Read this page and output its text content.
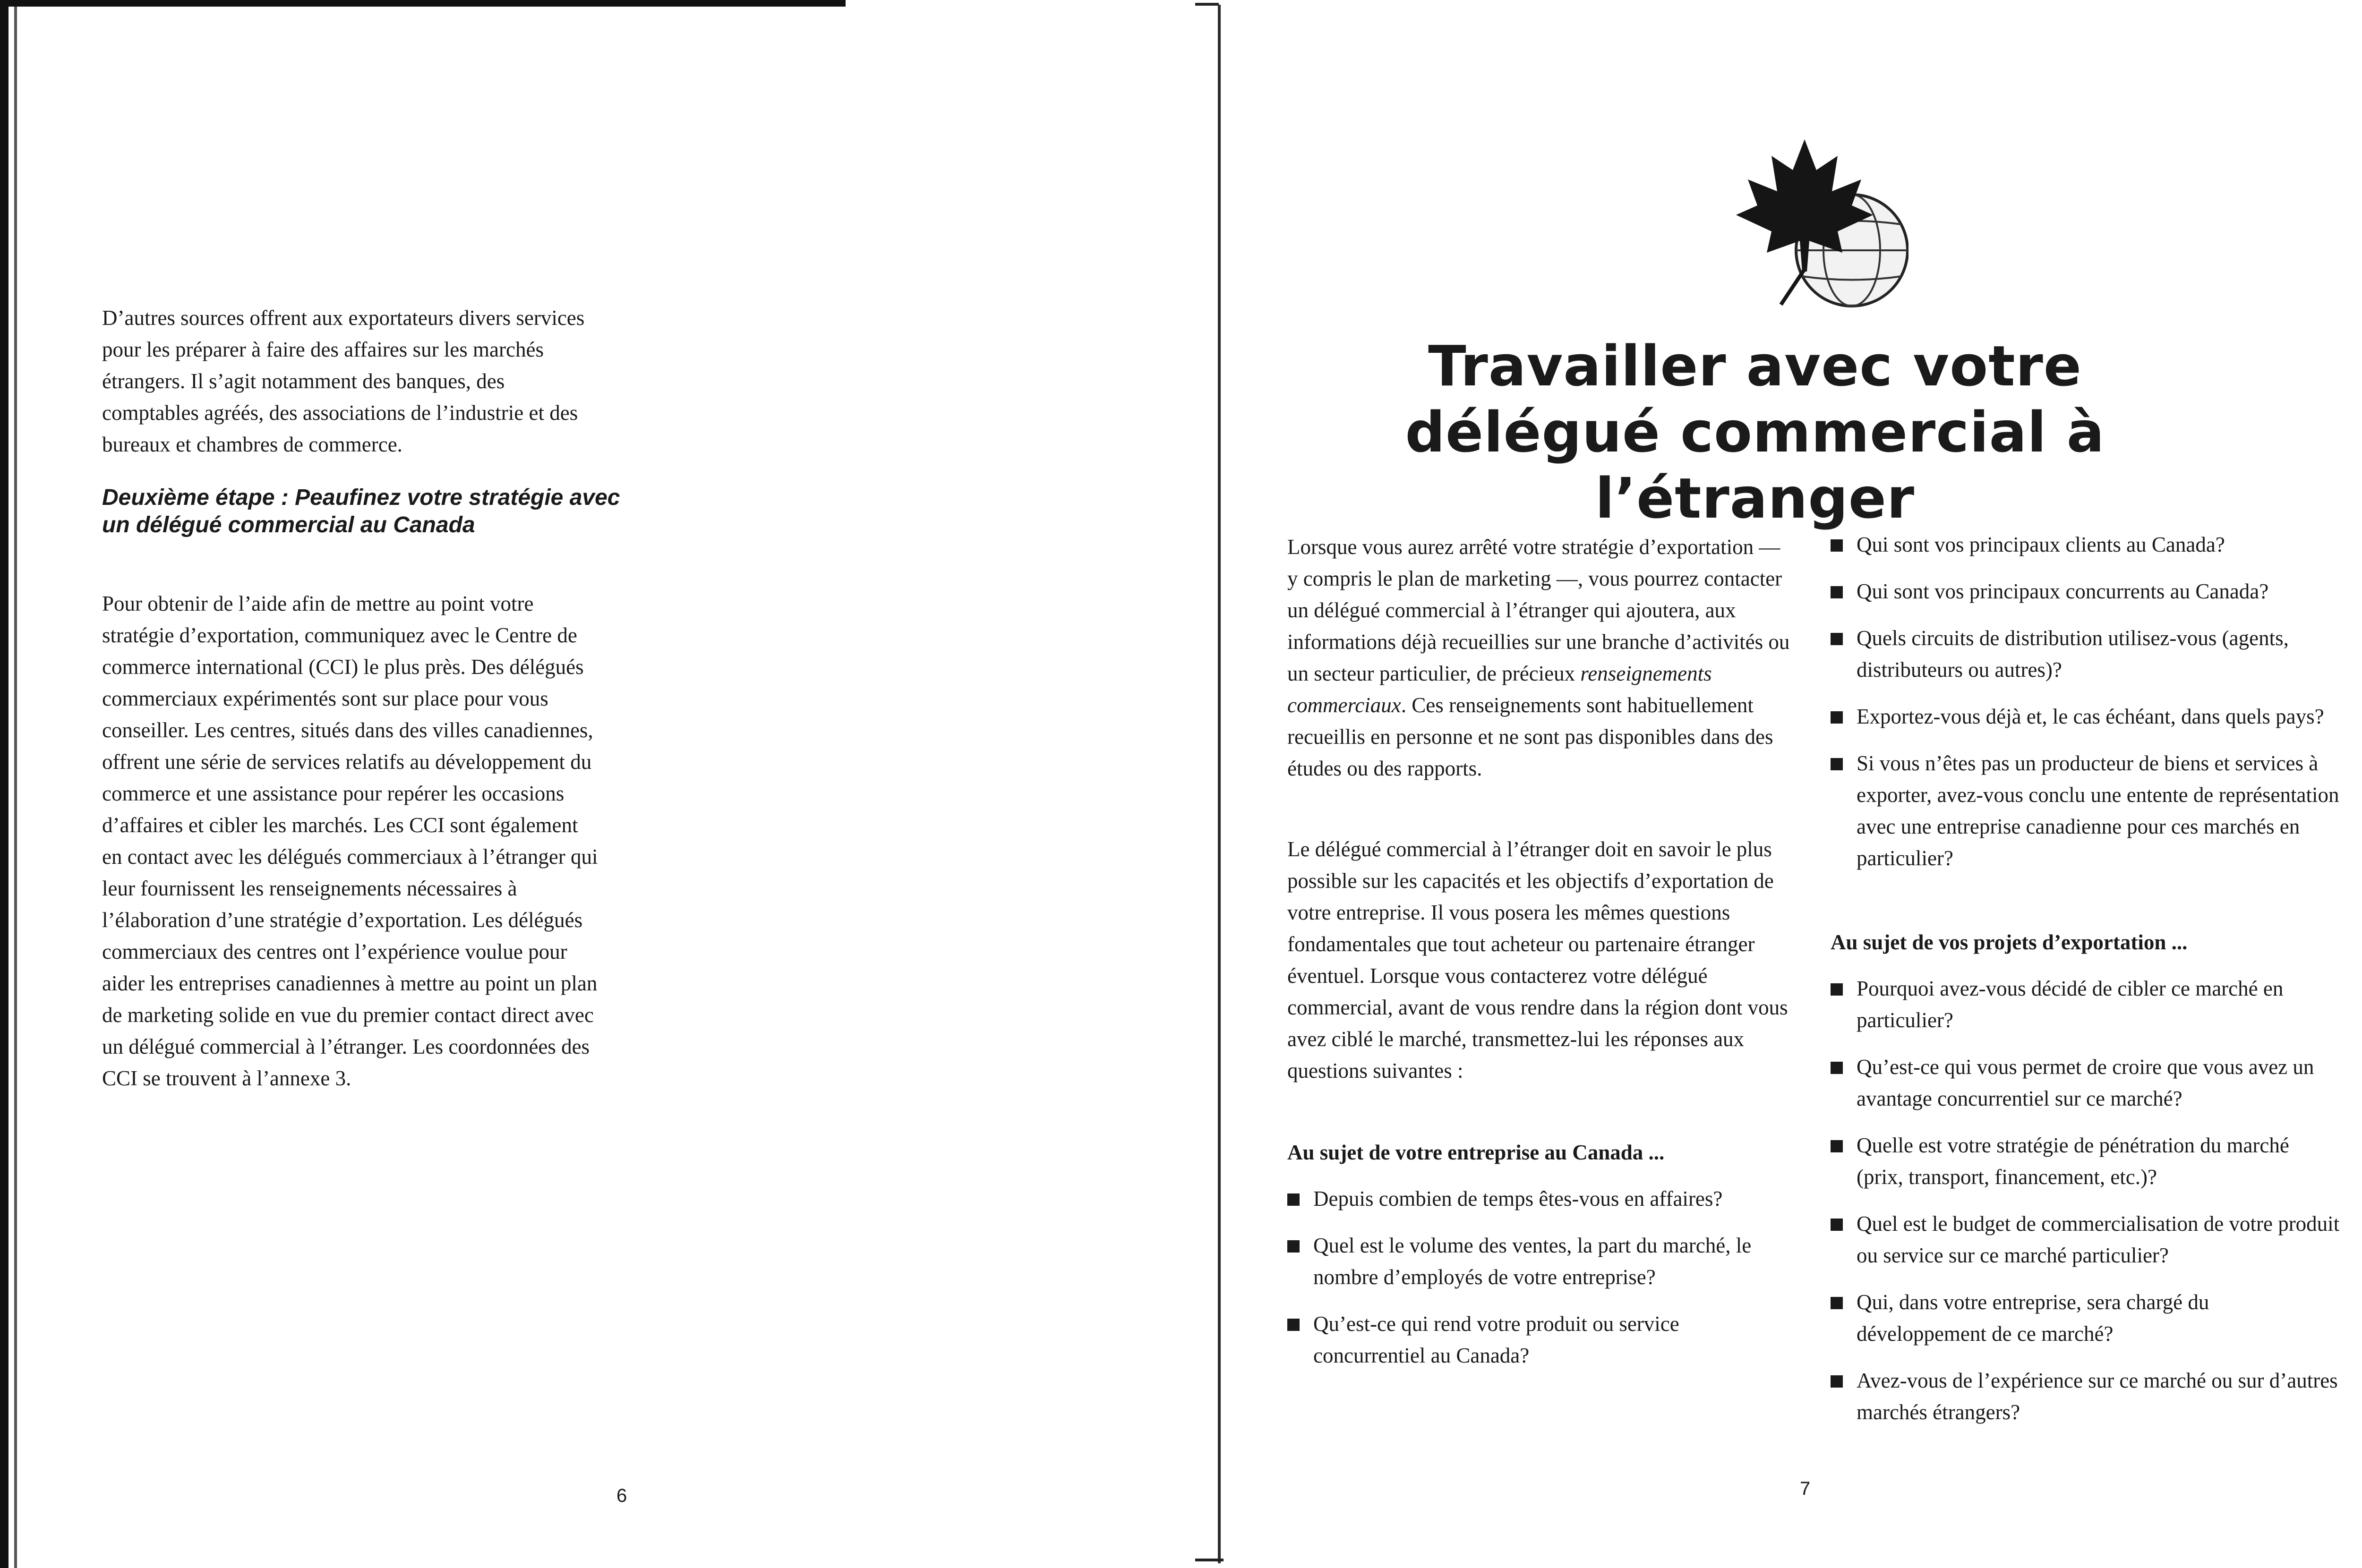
D’autres sources offrent aux exportateurs divers services pour les préparer à faire des affaires sur les marchés étrangers. Il s’agit notamment des banques, des comptables agréés, des associations de l’industrie et des bureaux et chambres de commerce.
Deuxième étape : Peaufinez votre stratégie avec un délégué commercial au Canada
Pour obtenir de l’aide afin de mettre au point votre stratégie d’exportation, communiquez avec le Centre de commerce international (CCI) le plus près. Des délégués commerciaux expérimentés sont sur place pour vous conseiller. Les centres, situés dans des villes canadiennes, offrent une série de services relatifs au développement du commerce et une assistance pour repérer les occasions d’affaires et cibler les marchés. Les CCI sont également en contact avec les délégués commerciaux à l’étranger qui leur fournissent les renseignements nécessaires à l’élaboration d’une stratégie d’exportation. Les délégués commerciaux des centres ont l’expérience voulue pour aider les entreprises canadiennes à mettre au point un plan de marketing solide en vue du premier contact direct avec un délégué commercial à l’étranger. Les coordonnées des CCI se trouvent à l’annexe 3.
6
Travailler avec votre délégué commercial à l’étranger
Lorsque vous aurez arrêté votre stratégie d’exportation — y compris le plan de marketing —, vous pourrez contacter un délégué commercial à l’étranger qui ajoutera, aux informations déjà recueillies sur une branche d’activités ou un secteur particulier, de précieux renseignements commerciaux. Ces renseignements sont habituellement recueillis en personne et ne sont pas disponibles dans des études ou des rapports.
Le délégué commercial à l’étranger doit en savoir le plus possible sur les capacités et les objectifs d’exportation de votre entreprise. Il vous posera les mêmes questions fondamentales que tout acheteur ou partenaire étranger éventuel. Lorsque vous contacterez votre délégué commercial, avant de vous rendre dans la région dont vous avez ciblé le marché, transmettez-lui les réponses aux questions suivantes :
Au sujet de votre entreprise au Canada ...
Depuis combien de temps êtes-vous en affaires?
Quel est le volume des ventes, la part du marché, le nombre d’employés de votre entreprise?
Qu’est-ce qui rend votre produit ou service concurrentiel au Canada?
Qui sont vos principaux clients au Canada?
Qui sont vos principaux concurrents au Canada?
Quels circuits de distribution utilisez-vous (agents, distributeurs ou autres)?
Exportez-vous déjà et, le cas échéant, dans quels pays?
Si vous n’êtes pas un producteur de biens et services à exporter, avez-vous conclu une entente de représentation avec une entreprise canadienne pour ces marchés en particulier?
Au sujet de vos projets d’exportation ...
Pourquoi avez-vous décidé de cibler ce marché en particulier?
Qu’est-ce qui vous permet de croire que vous avez un avantage concurrentiel sur ce marché?
Quelle est votre stratégie de pénétration du marché (prix, transport, financement, etc.)?
Quel est le budget de commercialisation de votre produit ou service sur ce marché particulier?
Qui, dans votre entreprise, sera chargé du développement de ce marché?
Avez-vous de l’expérience sur ce marché ou sur d’autres marchés étrangers?
7
